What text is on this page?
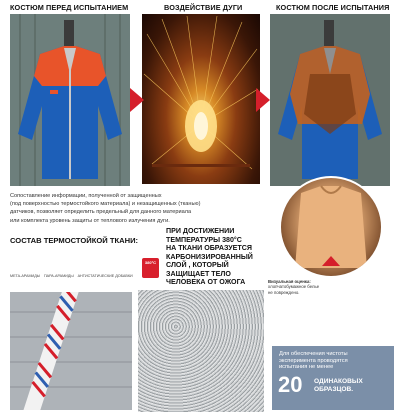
КОСТЮМ ПЕРЕД ИСПЫТАНИЕМ	ВОЗДЕЙСТВИЕ ДУГИ	КОСТЮМ ПОСЛЕ ИСПЫТАНИЯ
Сопоставление информации, полученной от защищенных
(под поверхностью термостойкого материала) и незащищенных (тканью)
датчиков, позволяет определить предельный для данного материала
или комплекта уровень защиты от теплового излучения дуги.
СОСТАВ ТЕРМОСТОЙКОЙ ТКАНИ:
МЕТА-АРАМИДЫ ПАРА-АРАМИДЫ АНТИСТАТИЧЕСКИЕ ДОБАВКИ
380°C
ПРИ ДОСТИЖЕНИИ
ТЕМПЕРАТУРЫ 380°С
НА ТКАНИ ОБРАЗУЕТСЯ
КАРБОНИЗИРОВАННЫЙ
СЛОЙ , КОТОРЫЙ
ЗАЩИЩАЕТ ТЕЛО
ЧЕЛОВЕКА ОТ ОЖОГА	Визуальная оценка:
хлопчатобумажное белье
не повреждено.
Для обеспечения чистоты
эксперимента проводятся
испытания не менее
20 ОДИНАКОВЫХ
ОБРАЗЦОВ.
